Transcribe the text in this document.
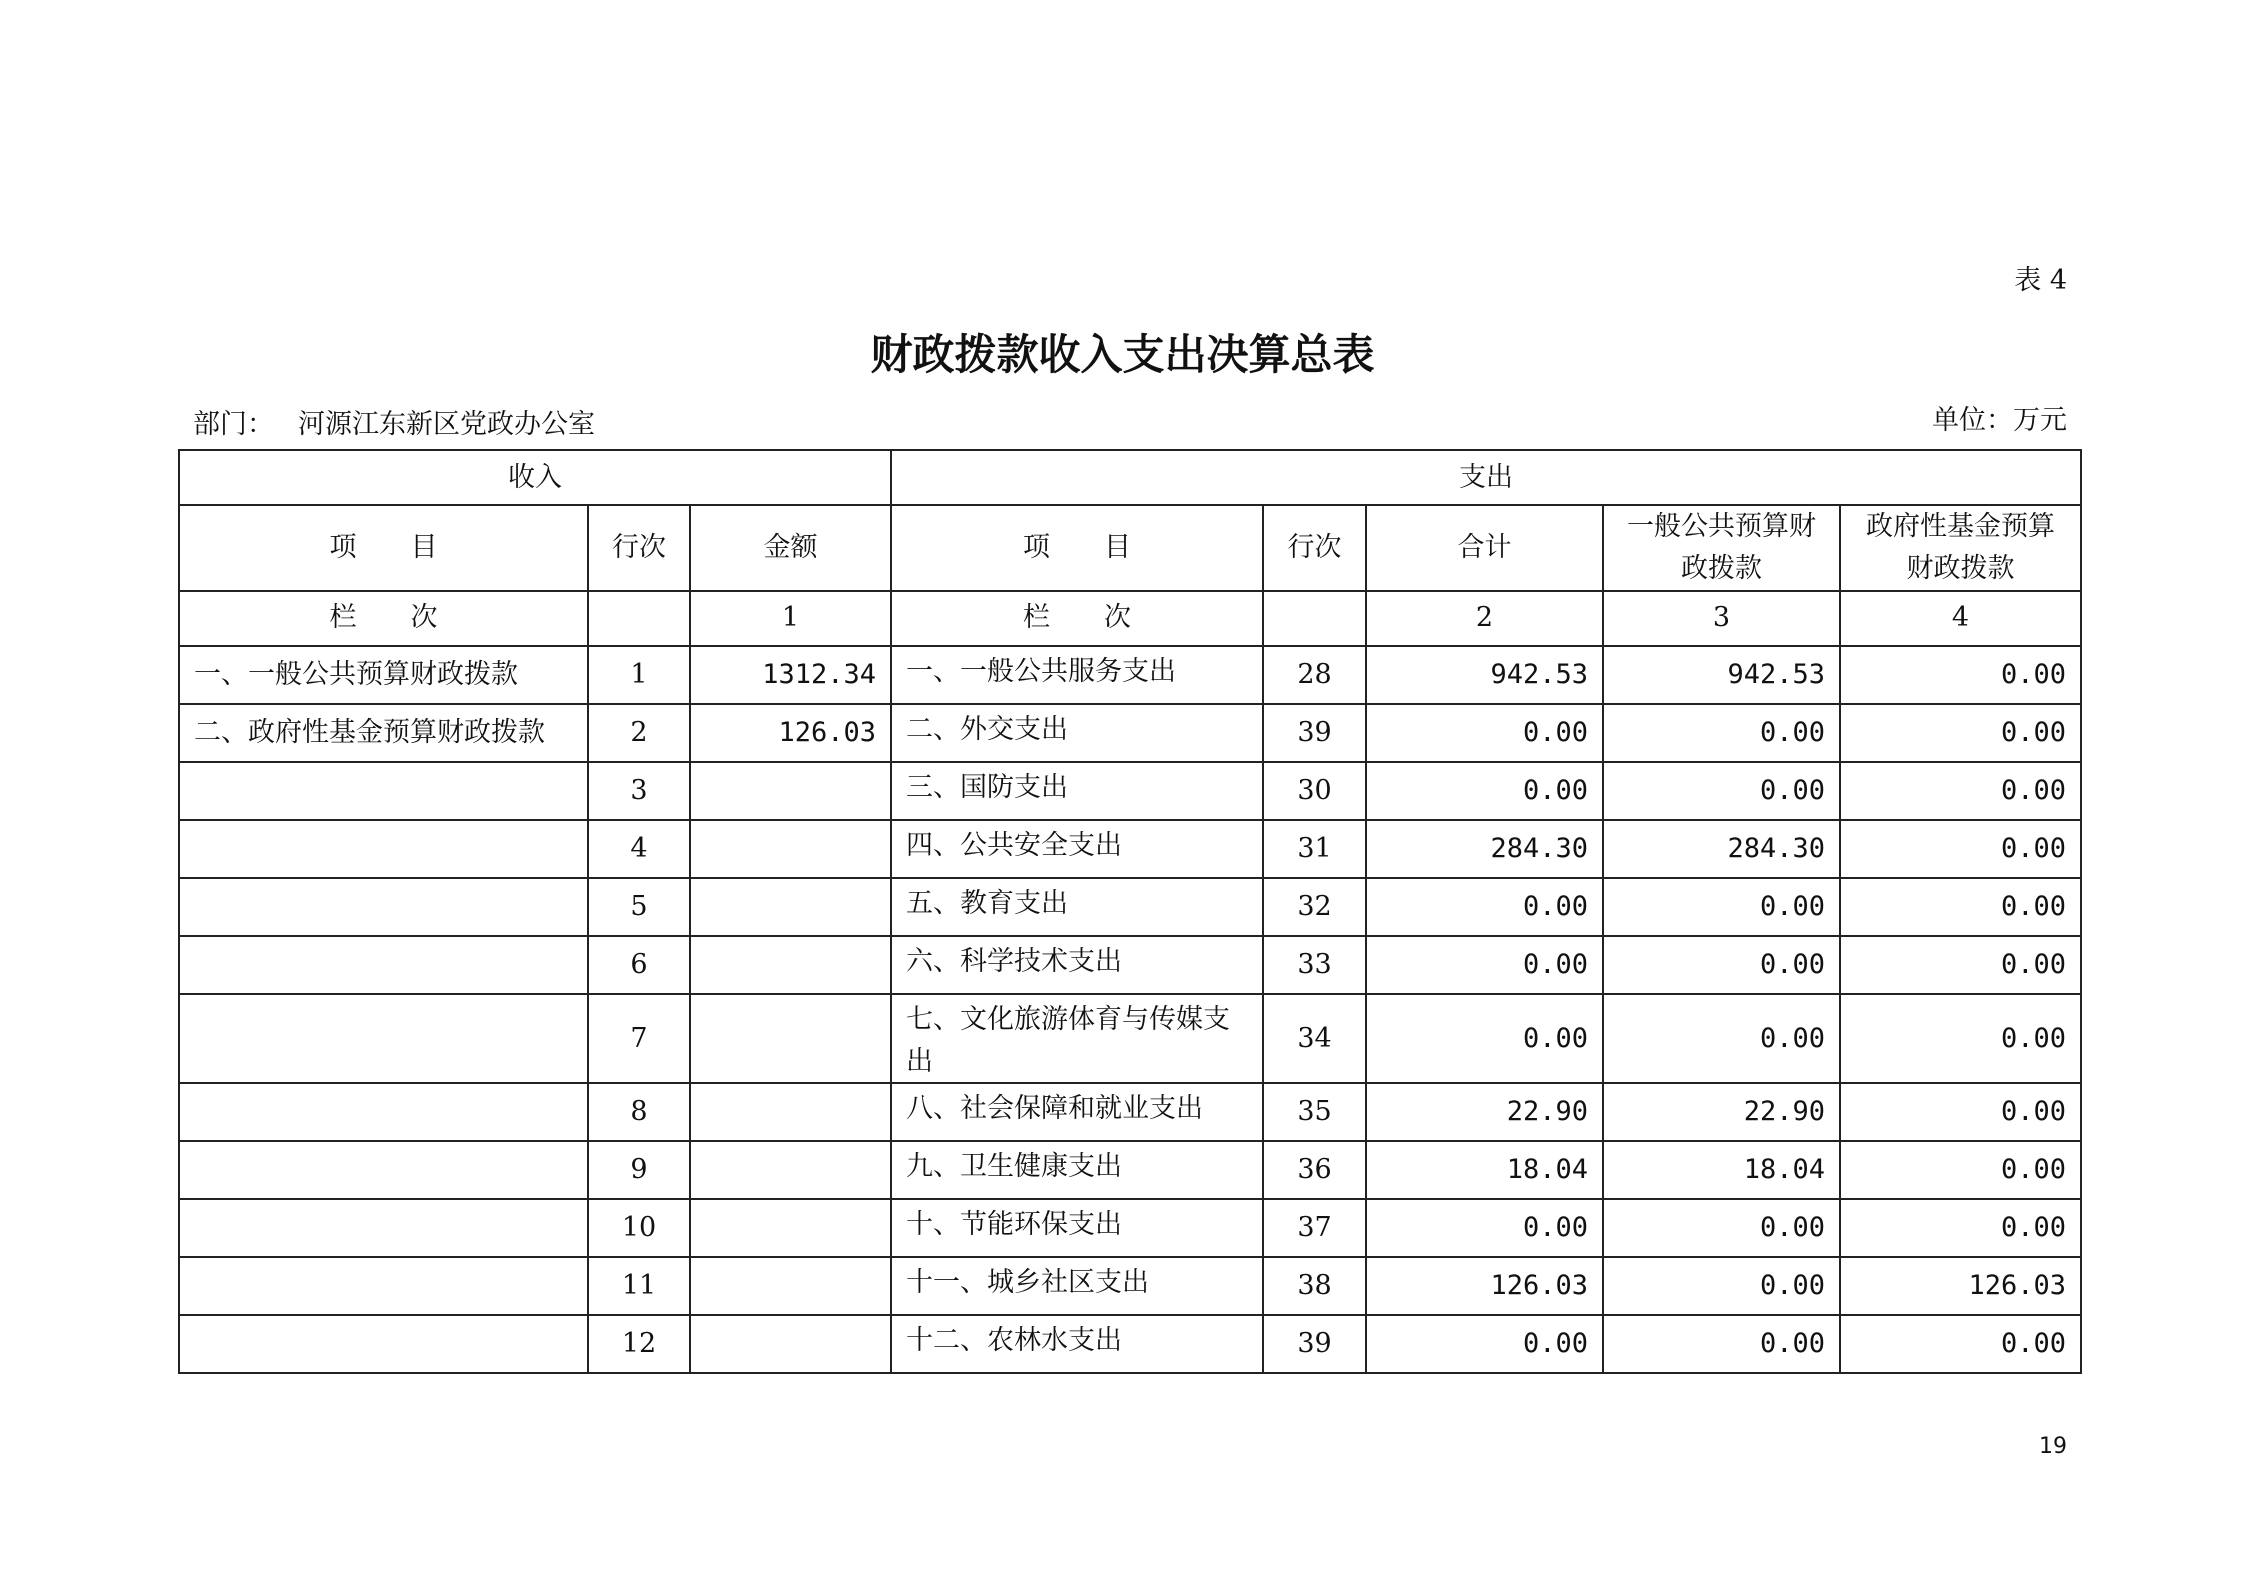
表 4
财政拨款收入支出决算总表
部门： 河源江东新区党政办公室	单位：万元
收入			支出				
项　　目	行次	金额	项　　目	行次	合计	一般公共预算财政拨款	政府性基金预算财政拨款
栏　　次		1	栏　　次		2	3	4
一、一般公共预算财政拨款	1	1312.34	一、一般公共服务支出	28	942.53	942.53	0.00
二、政府性基金预算财政拨款	2	126.03	二、外交支出	39	0.00	0.00	0.00
	3		三、国防支出	30	0.00	0.00	0.00
	4		四、公共安全支出	31	284.30	284.30	0.00
	5		五、教育支出	32	0.00	0.00	0.00
	6		六、科学技术支出	33	0.00	0.00	0.00
	7		七、文化旅游体育与传媒支出	34	0.00	0.00	0.00
	8		八、社会保障和就业支出	35	22.90	22.90	0.00
	9		九、卫生健康支出	36	18.04	18.04	0.00
	10		十、节能环保支出	37	0.00	0.00	0.00
	11		十一、城乡社区支出	38	126.03	0.00	126.03
	12		十二、农林水支出	39	0.00	0.00	0.00
19
